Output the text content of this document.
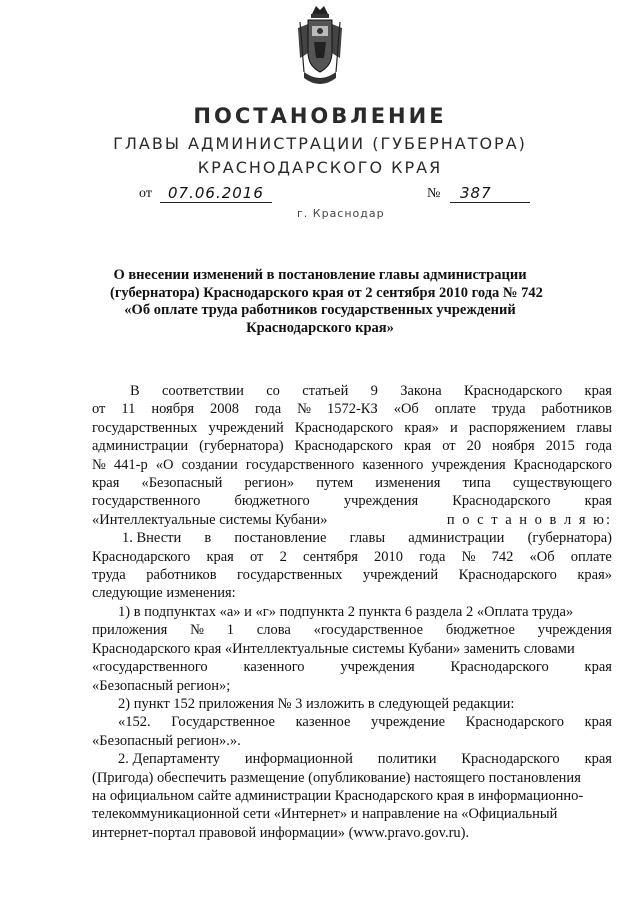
ПОСТАНОВЛЕНИЕ
ГЛАВЫ АДМИНИСТРАЦИИ (ГУБЕРНАТОРА)
КРАСНОДАРСКОГО КРАЯ
от 07.06.2016	№ 387
г. Краснодар
О внесении изменений в постановление главы администрации
(губернатора) Краснодарского края от 2 сентября 2010 года № 742
«Об оплате труда работников государственных учреждений
Краснодарского края»
В соответствии со статьей 9 Закона Краснодарского края
от 11 ноября 2008 года № 1572-КЗ «Об оплате труда работников
государственных учреждений Краснодарского края» и распоряжением главы
администрации (губернатора) Краснодарского края от 20 ноября 2015 года
№ 441-р «О создании государственного казенного учреждения Краснодарского
края «Безопасный регион» путем изменения типа существующего
государственного бюджетного учреждения Краснодарского края
«Интеллектуальные системы Кубани»	п о с т а н о в л я ю:
1. Внести в постановление главы администрации (губернатора)
Краснодарского края от 2 сентября 2010 года № 742 «Об оплате
труда работников государственных учреждений Краснодарского края»
следующие изменения:
1) в подпунктах «а» и «г» подпункта 2 пункта 6 раздела 2 «Оплата труда»
приложения № 1 слова «государственное бюджетное учреждения
Краснодарского края «Интеллектуальные системы Кубани» заменить словами
«государственного казенного учреждения Краснодарского края
«Безопасный регион»;
2) пункт 152 приложения № 3 изложить в следующей редакции:
«152. Государственное казенное учреждение Краснодарского края
«Безопасный регион».».
2. Департаменту информационной политики Краснодарского края
(Пригода) обеспечить размещение (опубликование) настоящего постановления
на официальном сайте администрации Краснодарского края в информационно-
телекоммуникационной сети «Интернет» и направление на «Официальный
интернет-портал правовой информации» (www.pravo.gov.ru).
